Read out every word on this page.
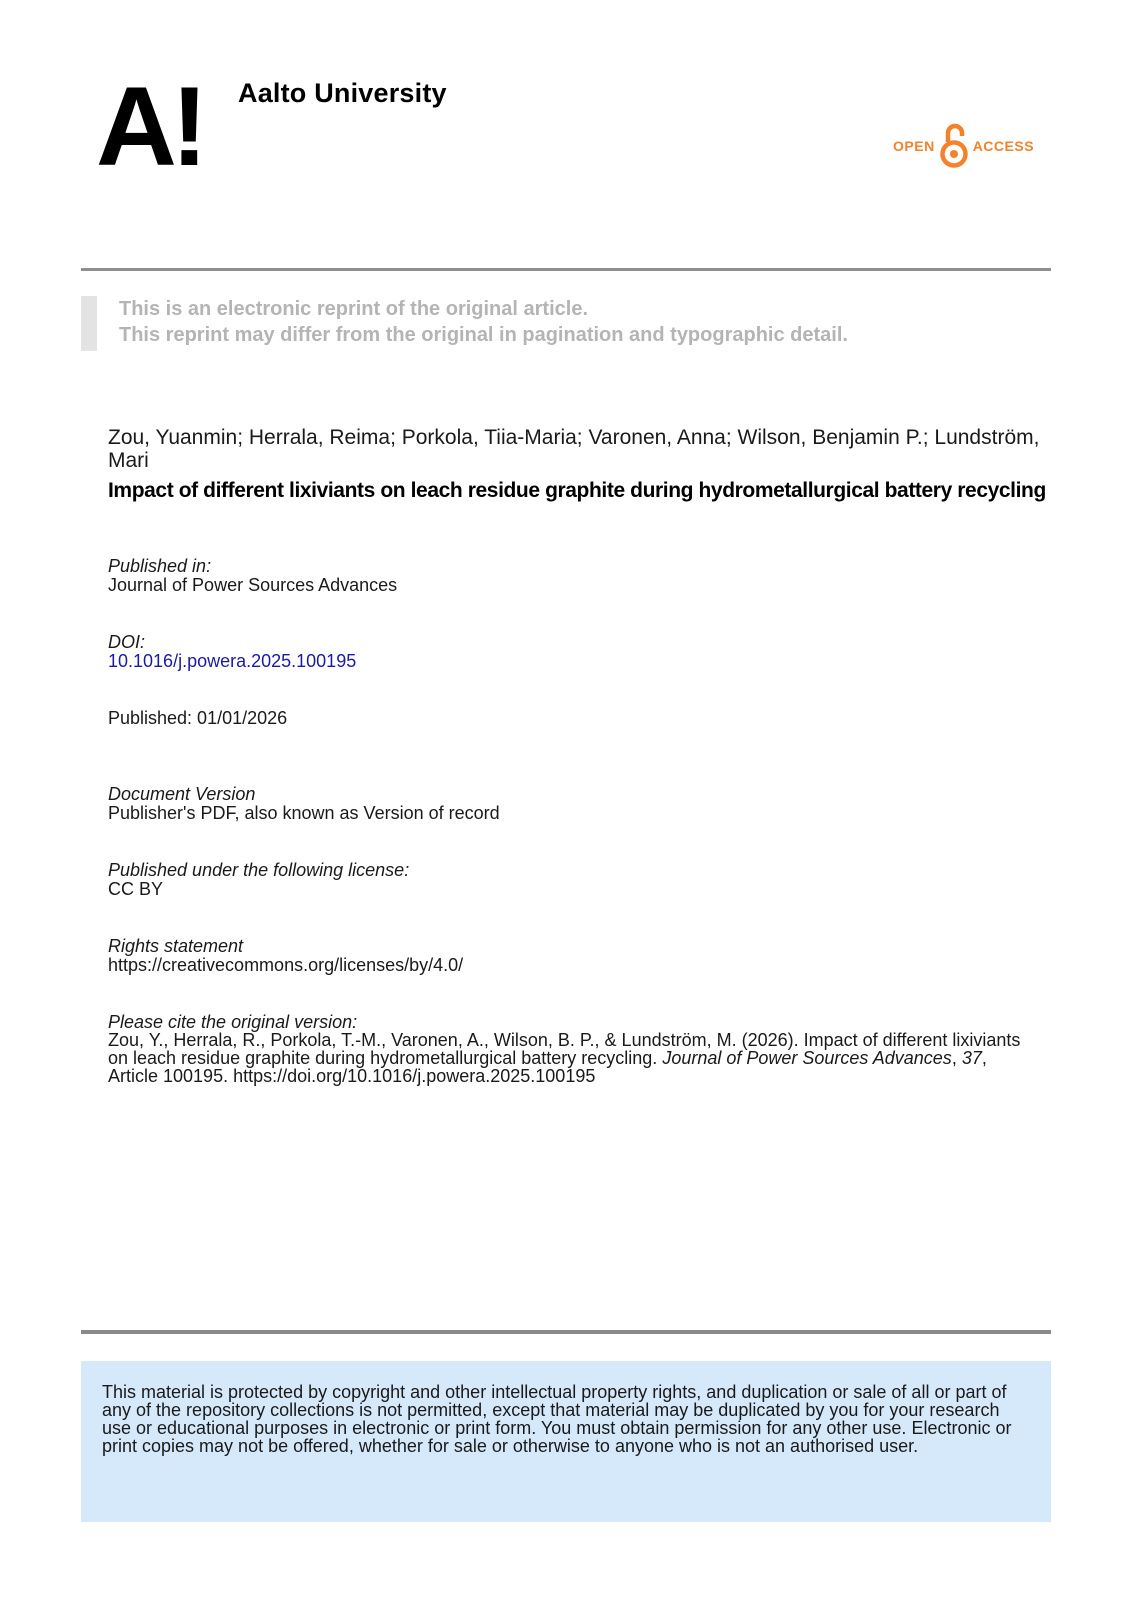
A!	Aalto University
OPEN	ACCESS
This is an electronic reprint of the original article.
This reprint may differ from the original in pagination and typographic detail.
Zou, Yuanmin; Herrala, Reima; Porkola, Tiia-Maria; Varonen, Anna; Wilson, Benjamin P.; Lundström, Mari
Impact of different lixiviants on leach residue graphite during hydrometallurgical battery recycling
Published in:
Journal of Power Sources Advances
DOI:
10.1016/j.powera.2025.100195
Published: 01/01/2026
Document Version
Publisher's PDF, also known as Version of record
Published under the following license:
CC BY
Rights statement
https://creativecommons.org/licenses/by/4.0/
Please cite the original version:
Zou, Y., Herrala, R., Porkola, T.-M., Varonen, A., Wilson, B. P., & Lundström, M. (2026). Impact of different lixiviants on leach residue graphite during hydrometallurgical battery recycling. Journal of Power Sources Advances, 37, Article 100195. https://doi.org/10.1016/j.powera.2025.100195
This material is protected by copyright and other intellectual property rights, and duplication or sale of all or part of any of the repository collections is not permitted, except that material may be duplicated by you for your research use or educational purposes in electronic or print form. You must obtain permission for any other use. Electronic or print copies may not be offered, whether for sale or otherwise to anyone who is not an authorised user.
